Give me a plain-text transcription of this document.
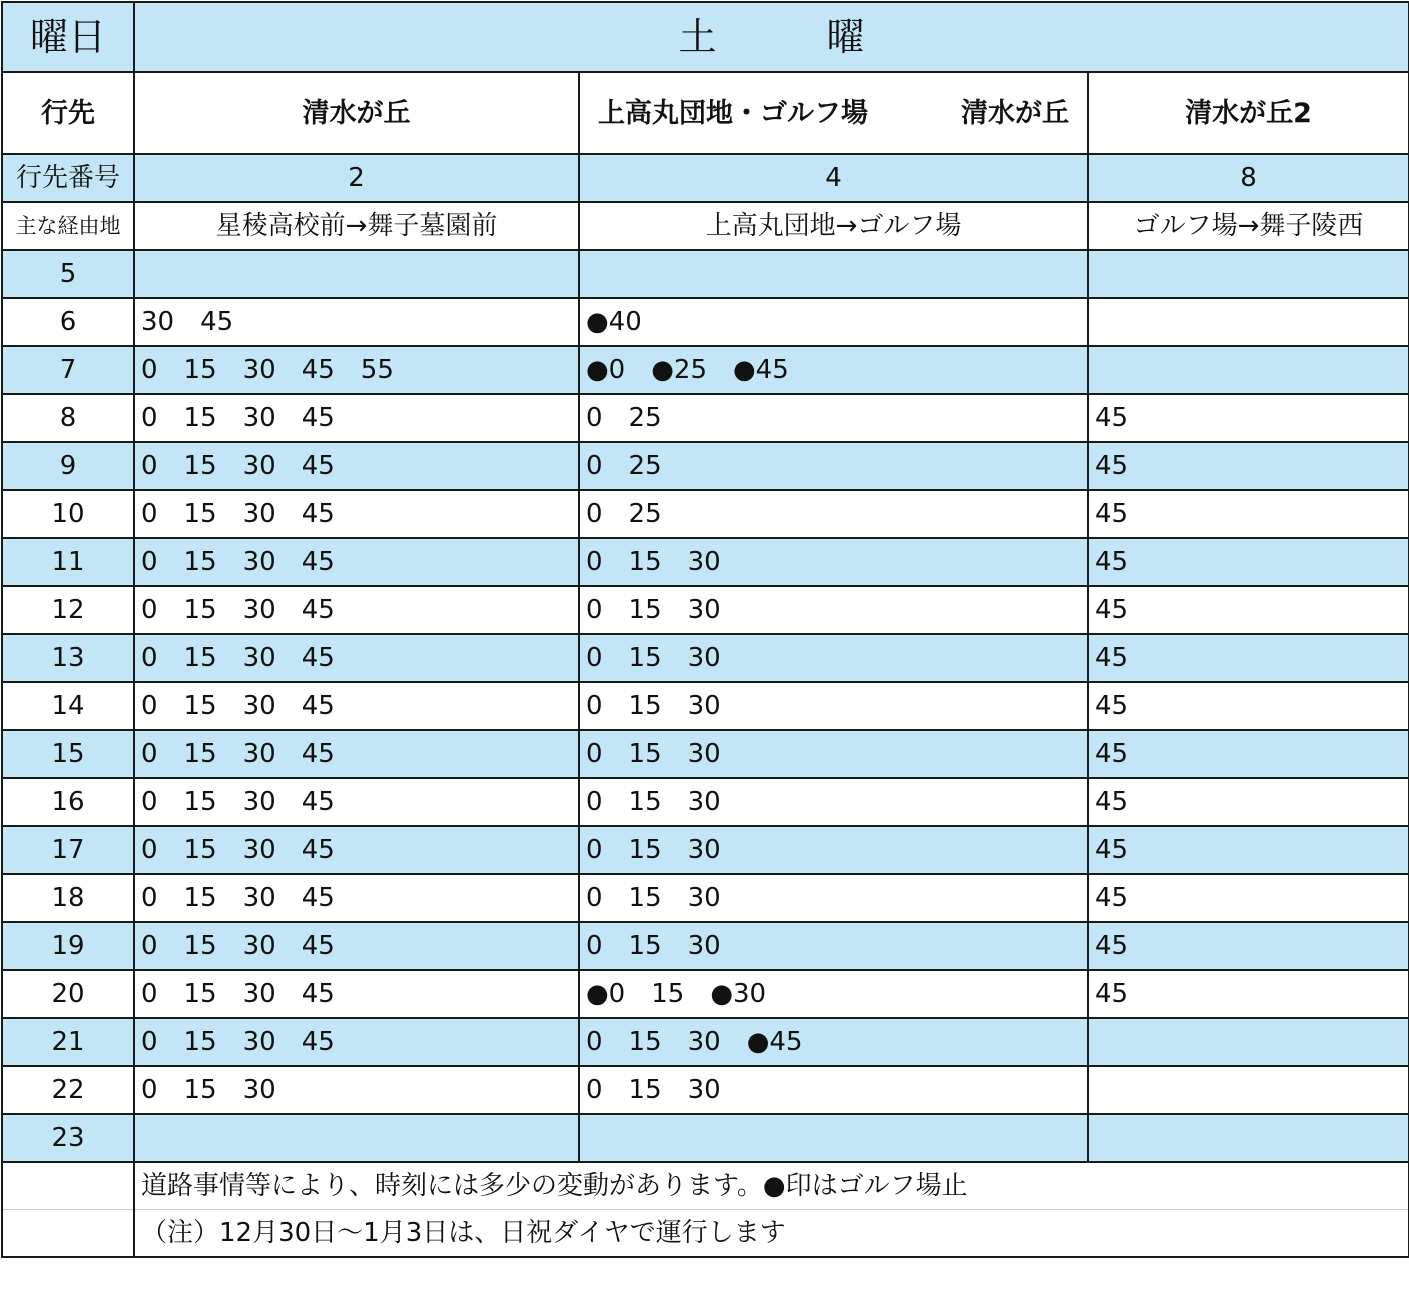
曜日	土 曜		
行先	清水が丘	上高丸団地・ゴルフ場 清水が丘	清水が丘2
行先番号	2	4	8
主な経由地	星稜高校前→舞子墓園前	上高丸団地→ゴルフ場	ゴルフ場→舞子陵西
5			
6	30　45	●40	
7	0　15　30　45　55	●0　●25　●45	
8	0　15　30　45	0　25	45
9	0　15　30　45	0　25	45
10	0　15　30　45	0　25	45
11	0　15　30　45	0　15　30	45
12	0　15　30　45	0　15　30	45
13	0　15　30　45	0　15　30	45
14	0　15　30　45	0　15　30	45
15	0　15　30　45	0　15　30	45
16	0　15　30　45	0　15　30	45
17	0　15　30　45	0　15　30	45
18	0　15　30　45	0　15　30	45
19	0　15　30　45	0　15　30	45
20	0　15　30　45	●0　15　●30	45
21	0　15　30　45	0　15　30　●45	
22	0　15　30	0　15　30	
23			
	道路事情等により、時刻には多少の変動があります。●印はゴルフ場止		
	（注）12月30日～1月3日は、日祝ダイヤで運行します		
